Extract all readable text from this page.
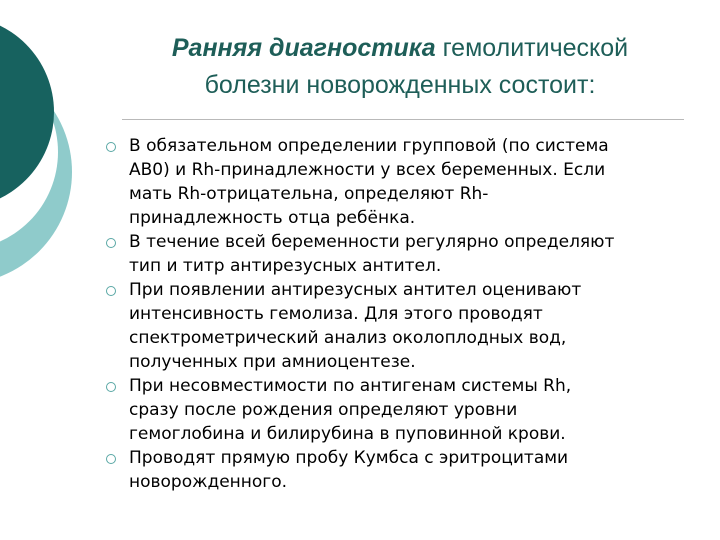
Ранняя диагностика гемолитической
болезни новорожденных состоит:
В обязательном определении групповой (по система
АВ0) и Rh-принадлежности у всех беременных. Если
мать Rh-отрицательна, определяют Rh-
принадлежность отца ребёнка.
В течение всей беременности регулярно определяют
тип и титр антирезусных антител.
При появлении антирезусных антител оценивают
интенсивность гемолиза. Для этого проводят
спектрометрический анализ околоплодных вод,
полученных при амниоцентезе.
При несовместимости по антигенам системы Rh,
сразу после рождения определяют уровни
гемоглобина и билирубина в пуповинной крови.
Проводят прямую пробу Кумбса с эритроцитами
новорожденного.
